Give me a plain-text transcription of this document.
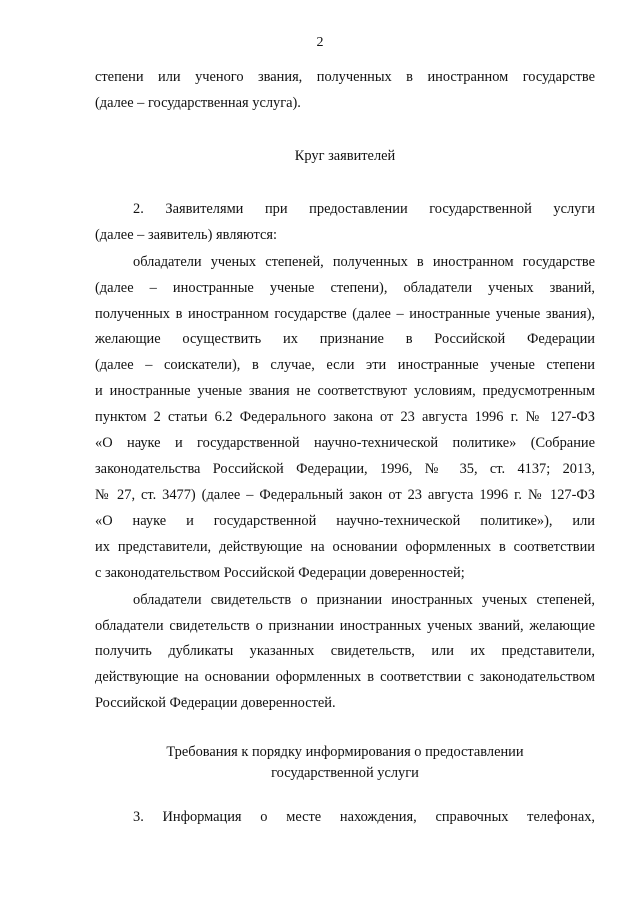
2
степени или ученого звания, полученных в иностранном государстве
(далее – государственная услуга).
Круг заявителей
2. Заявителями при предоставлении государственной услуги
(далее – заявитель) являются:
обладатели ученых степеней, полученных в иностранном государстве
(далее – иностранные ученые степени), обладатели ученых званий,
полученных в иностранном государстве (далее – иностранные ученые звания),
желающие осуществить их признание в Российской Федерации
(далее – соискатели), в случае, если эти иностранные ученые степени
и иностранные ученые звания не соответствуют условиям, предусмотренным
пунктом 2 статьи 6.2 Федерального закона от 23 августа 1996 г. № 127-ФЗ
«О науке и государственной научно-технической политике» (Собрание
законодательства Российской Федерации, 1996, № 35, ст. 4137; 2013,
№ 27, ст. 3477) (далее – Федеральный закон от 23 августа 1996 г. № 127-ФЗ
«О науке и государственной научно-технической политике»), или
их представители, действующие на основании оформленных в соответствии
с законодательством Российской Федерации доверенностей;
обладатели свидетельств о признании иностранных ученых степеней,
обладатели свидетельств о признании иностранных ученых званий, желающие
получить дубликаты указанных свидетельств, или их представители,
действующие на основании оформленных в соответствии с законодательством
Российской Федерации доверенностей.
Требования к порядку информирования о предоставлении
государственной услуги
3. Информация о месте нахождения, справочных телефонах,
